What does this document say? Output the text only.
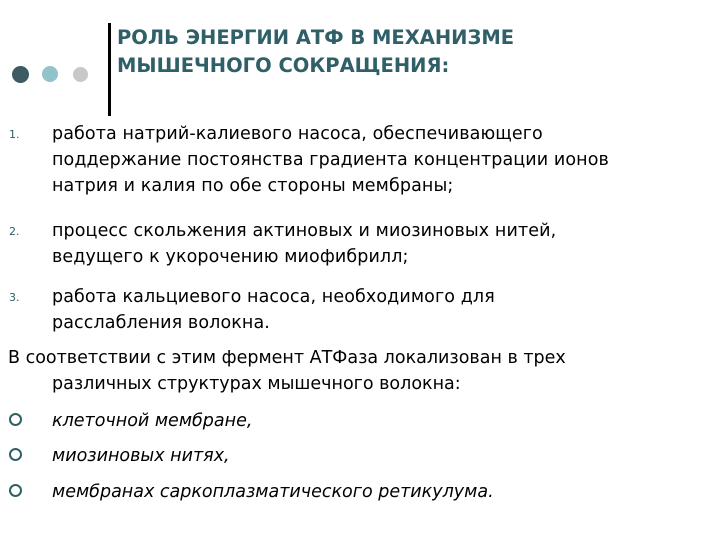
РОЛЬ ЭНЕРГИИ АТФ В МЕХАНИЗМЕ
МЫШЕЧНОГО СОКРАЩЕНИЯ:
1. работа натрий-калиевого насоса, обеспечивающего
поддержание постоянства градиента концентрации ионов
натрия и калия по обе стороны мембраны;
2. процесс скольжения актиновых и миозиновых нитей,
ведущего к укорочению миофибрилл;
3. работа кальциевого насоса, необходимого для
расслабления волокна.
В соответствии с этим фермент АТФаза локализован в трех
различных структурах мышечного волокна:
клеточной мембране,
миозиновых нитях,
мембранах саркоплазматического ретикулума.
